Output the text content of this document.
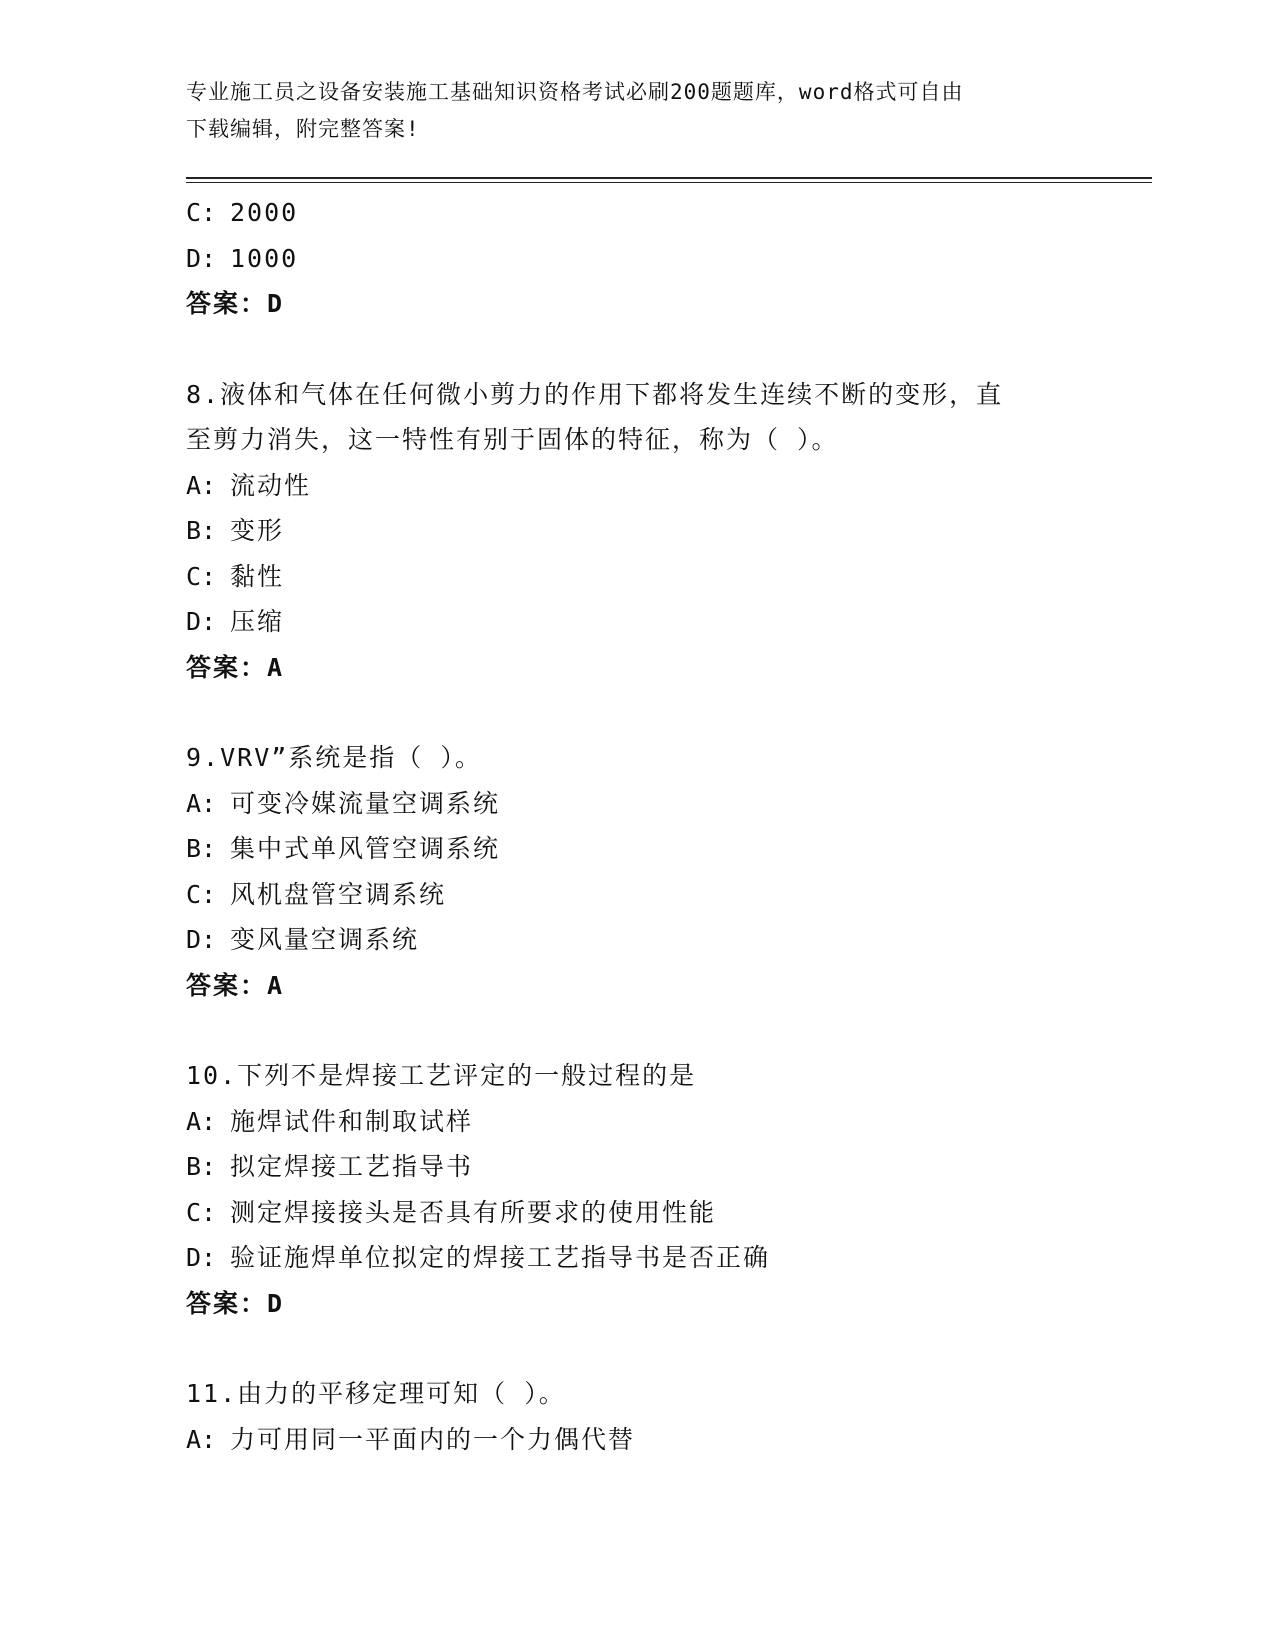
专业施工员之设备安装施工基础知识资格考试必刷200题题库，word格式可自由
下载编辑，附完整答案!
C: 2000
D: 1000
答案：D
8.液体和气体在任何微小剪力的作用下都将发生连续不断的变形，直
至剪力消失，这一特性有别于固体的特征，称为（ ）。
A: 流动性
B: 变形
C: 黏性
D: 压缩
答案：A
9.VRV”系统是指（ ）。
A: 可变冷媒流量空调系统
B: 集中式单风管空调系统
C: 风机盘管空调系统
D: 变风量空调系统
答案：A
10.下列不是焊接工艺评定的一般过程的是
A: 施焊试件和制取试样
B: 拟定焊接工艺指导书
C: 测定焊接接头是否具有所要求的使用性能
D: 验证施焊单位拟定的焊接工艺指导书是否正确
答案：D
11.由力的平移定理可知（ ）。
A: 力可用同一平面内的一个力偶代替
